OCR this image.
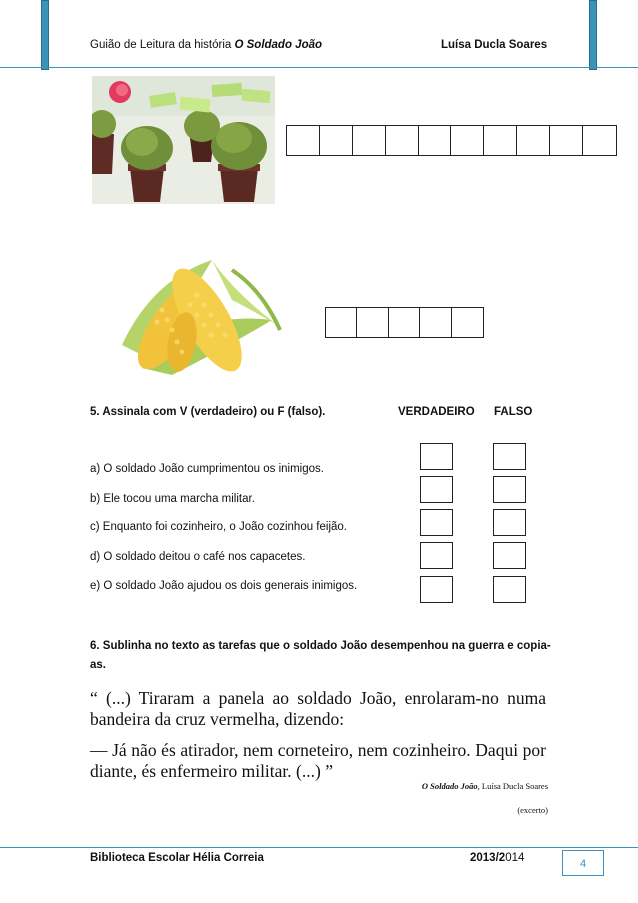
Guião de Leitura da história O Soldado João	Luísa Ducla Soares
5. Assinala com V (verdadeiro) ou F (falso).	VERDADEIRO FALSO
a) O soldado João cumprimentou os inimigos.
b) Ele tocou uma marcha militar.
c) Enquanto foi cozinheiro, o João cozinhou feijão.
d) O soldado deitou o café nos capacetes.
e) O soldado João ajudou os dois generais inimigos.
6. Sublinha no texto as tarefas que o soldado João desempenhou na guerra e copia-
as.
“ (...) Tiraram a panela ao soldado João, enrolaram-no numa bandeira da cruz vermelha, dizendo:
— Já não és atirador, nem corneteiro, nem cozinheiro. Daqui por diante, és enfermeiro militar. (...) ”
O Soldado João, Luísa Ducla Soares
(excerto)
Biblioteca Escolar Hélia Correia	2013/2014	4
